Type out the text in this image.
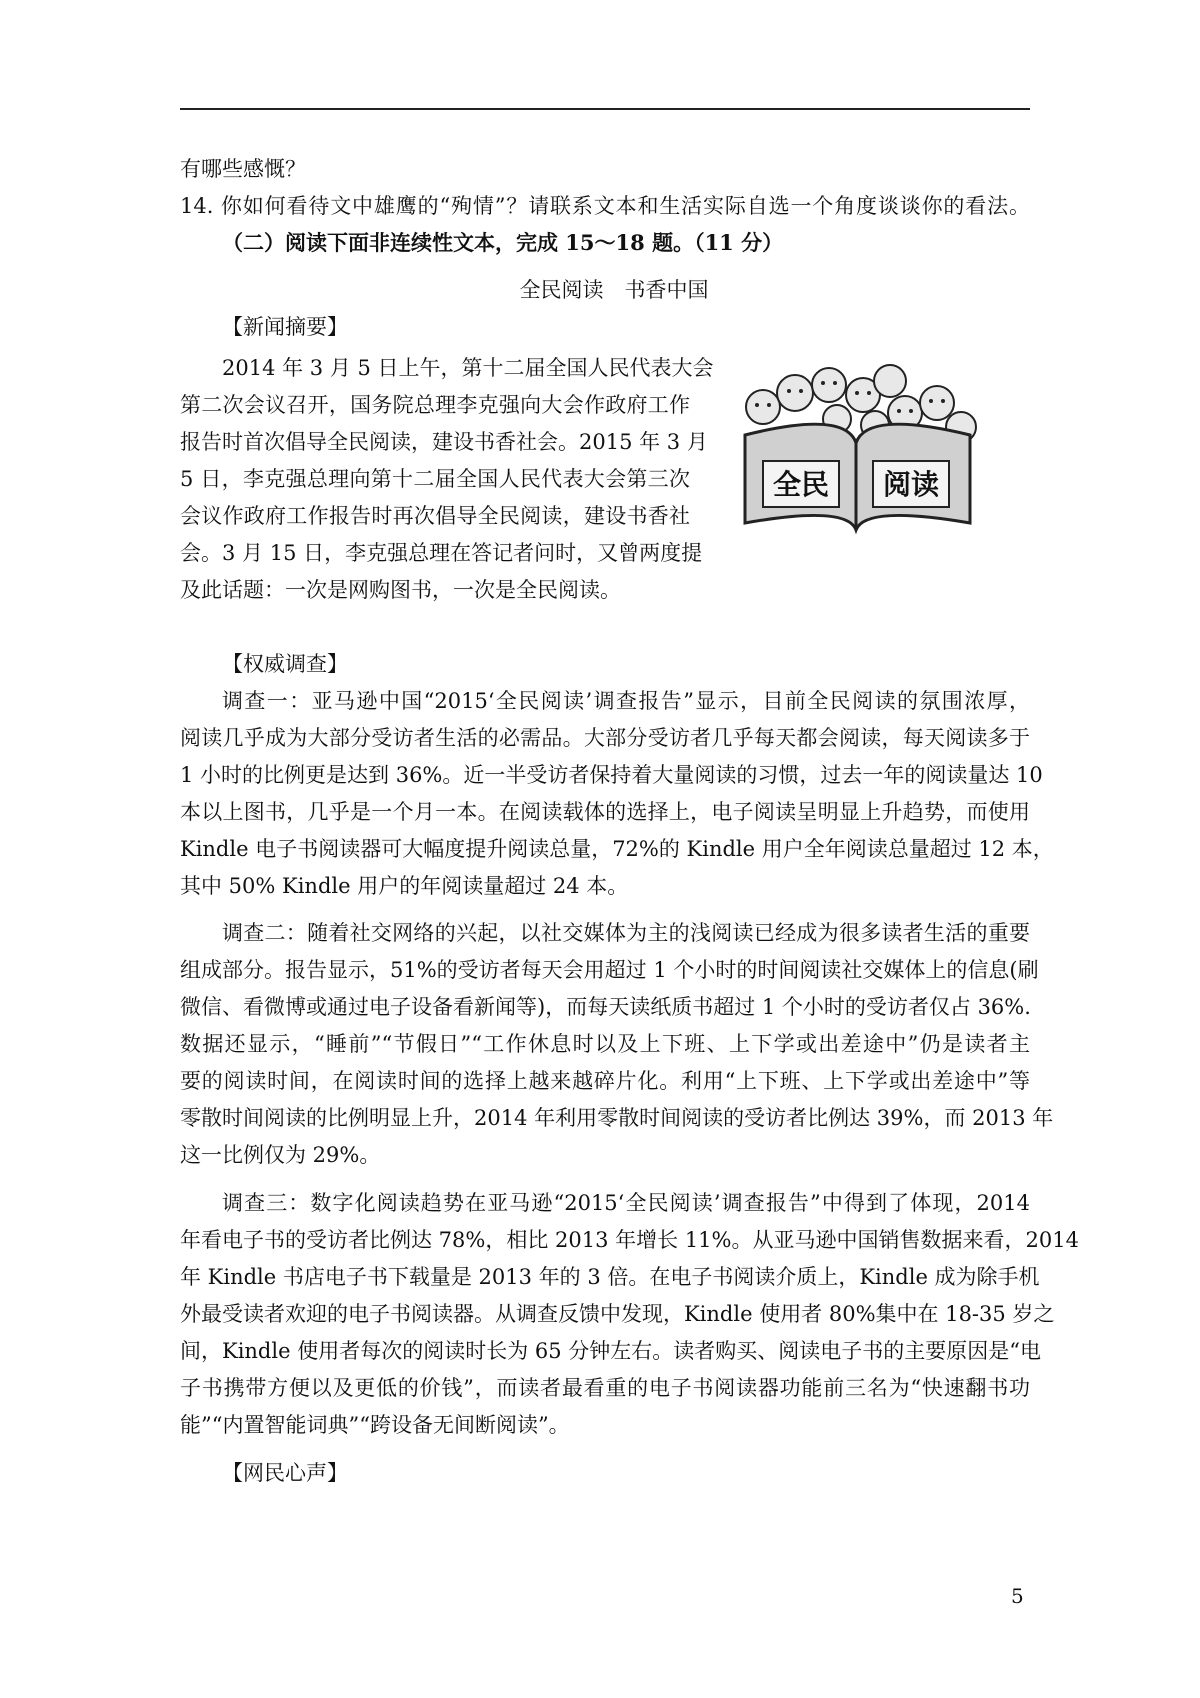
有哪些感慨？
14. 你如何看待文中雄鹰的“殉情”？请联系文本和生活实际自选一个角度谈谈你的看法。
（二）阅读下面非连续性文本，完成 15～18 题。（11 分）
全民阅读　书香中国
【新闻摘要】
2014 年 3 月 5 日上午，第十二届全国人民代表大会
第二次会议召开，国务院总理李克强向大会作政府工作
报告时首次倡导全民阅读，建设书香社会。2015 年 3 月
5 日，李克强总理向第十二届全国人民代表大会第三次
会议作政府工作报告时再次倡导全民阅读，建设书香社
会。3 月 15 日，李克强总理在答记者问时，又曾两度提
及此话题：一次是网购图书，一次是全民阅读。
全民 阅读
【权威调查】
调查一：亚马逊中国“2015‘全民阅读’调查报告”显示，目前全民阅读的氛围浓厚，
阅读几乎成为大部分受访者生活的必需品。大部分受访者几乎每天都会阅读，每天阅读多于
1 小时的比例更是达到 36%。近一半受访者保持着大量阅读的习惯，过去一年的阅读量达 10
本以上图书，几乎是一个月一本。在阅读载体的选择上，电子阅读呈明显上升趋势，而使用
Kindle 电子书阅读器可大幅度提升阅读总量，72%的 Kindle 用户全年阅读总量超过 12 本，
其中 50% Kindle 用户的年阅读量超过 24 本。
调查二：随着社交网络的兴起，以社交媒体为主的浅阅读已经成为很多读者生活的重要
组成部分。报告显示，51%的受访者每天会用超过 1 个小时的时间阅读社交媒体上的信息(刷
微信、看微博或通过电子设备看新闻等)，而每天读纸质书超过 1 个小时的受访者仅占 36%.
数据还显示，“睡前”“节假日”“工作休息时以及上下班、上下学或出差途中”仍是读者主
要的阅读时间，在阅读时间的选择上越来越碎片化。利用“上下班、上下学或出差途中”等
零散时间阅读的比例明显上升，2014 年利用零散时间阅读的受访者比例达 39%，而 2013 年
这一比例仅为 29%。
调查三：数字化阅读趋势在亚马逊“2015‘全民阅读’调查报告”中得到了体现，2014
年看电子书的受访者比例达 78%，相比 2013 年增长 11%。从亚马逊中国销售数据来看，2014
年 Kindle 书店电子书下载量是 2013 年的 3 倍。在电子书阅读介质上，Kindle 成为除手机
外最受读者欢迎的电子书阅读器。从调查反馈中发现，Kindle 使用者 80%集中在 18-35 岁之
间，Kindle 使用者每次的阅读时长为 65 分钟左右。读者购买、阅读电子书的主要原因是“电
子书携带方便以及更低的价钱”，而读者最看重的电子书阅读器功能前三名为“快速翻书功
能”“内置智能词典”“跨设备无间断阅读”。
【网民心声】
5
